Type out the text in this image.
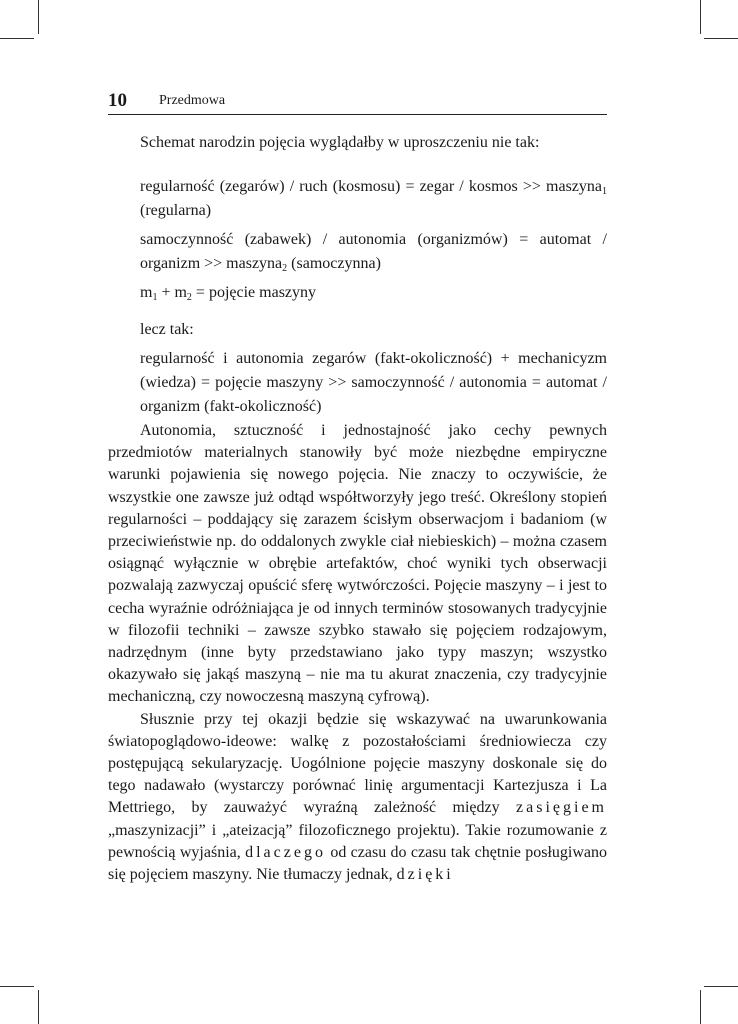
10 Przedmowa

Schemat narodzin pojęcia wyglądałby w uproszczeniu nie tak:

regularność (zegarów) / ruch (kosmosu) = zegar / kosmos >> maszyna$_1$ (regularna)

samoczynność (zabawek) / autonomia (organizmów) = automat / organizm >> maszyna$_2$ (samoczynna)

$m_1 + m_2$ = pojęcie maszyny

lecz tak:

regularność i autonomia zegarów (fakt-okoliczność) + mechanicyzm (wiedza) = pojęcie maszyny >> samoczynność / autonomia = automat / organizm (fakt-okoliczność)

Autonomia, sztuczność i jednostajność jako cechy pewnych przedmiotów materialnych stanowiły być może niezbędne empiryczne warunki pojawienia się nowego pojęcia. Nie znaczy to oczywiście, że wszystkie one zawsze już odtąd współtworzyły jego treść. Określony stopień regularności – poddający się zarazem ścisłym obserwacjom i badaniom (w przeciwieństwie np. do oddalonych zwykle ciał niebieskich) – można czasem osiągnąć wyłącznie w obrębie artefaktów, choć wyniki tych obserwacji pozwalają zazwyczaj opuścić sferę wytwórczości. Pojęcie maszyny – i jest to cecha wyraźnie odróżniająca je od innych terminów stosowanych tradycyjnie w filozofii techniki – zawsze szybko stawało się pojęciem rodzajowym, nadrzędnym (inne byty przedstawiano jako typy maszyn; wszystko okazywało się jakąś maszyną – nie ma tu akurat znaczenia, czy tradycyjnie mechaniczną, czy nowoczesną maszyną cyfrową).

Słusznie przy tej okazji będzie się wskazywać na uwarunkowania światopoglądowo-ideowe: walkę z pozostałościami średniowiecza czy postępującą sekularyzację. Uogólnione pojęcie maszyny doskonale się do tego nadawało (wystarczy porównać linię argumentacji Kartezjusza i La Mettriego, by zauważyć wyraźną zależność między zasięgiem „maszynizacji” i „ateizacją” filozoficznego projektu). Takie rozumowanie z pewnością wyjaśnia, dlaczego od czasu do czasu tak chętnie posługiwano się pojęciem maszyny. Nie tłumaczy jednak, dzięki
